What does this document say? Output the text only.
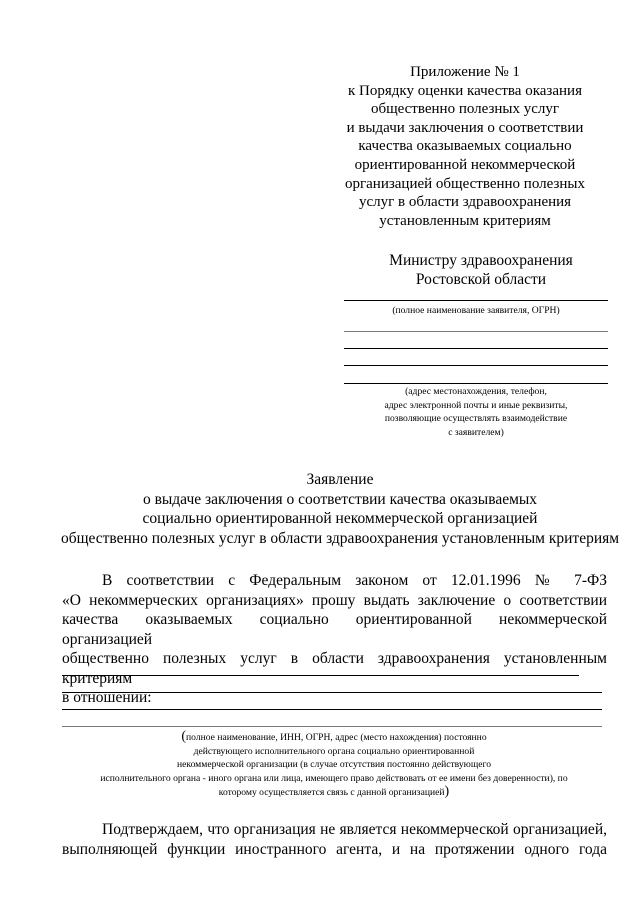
Приложение № 1
к Порядку оценки качества оказания
общественно полезных услуг
и выдачи заключения о соответствии
качества оказываемых социально
ориентированной некоммерческой
организацией общественно полезных
услуг в области здравоохранения
установленным критериям
Министру здравоохранения
Ростовской области
(полное наименование заявителя, ОГРН)
(адрес местонахождения, телефон,
адрес электронной почты и иные реквизиты,
позволяющие осуществлять взаимодействие
с заявителем)
Заявление
о выдаче заключения о соответствии качества оказываемых
социально ориентированной некоммерческой организацией
общественно полезных услуг в области здравоохранения установленным критериям
В соответствии с Федеральным законом от 12.01.1996 № 7-ФЗ
«О некоммерческих организациях» прошу выдать заключение о соответствии
качества оказываемых социально ориентированной некоммерческой организацией
общественно полезных услуг в области здравоохранения установленным критериям
в отношении:
(полное наименование, ИНН, ОГРН, адрес (место нахождения) постоянно
действующего исполнительного органа социально ориентированной
некоммерческой организации (в случае отсутствия постоянно действующего
исполнительного органа - иного органа или лица, имеющего право действовать от ее имени без доверенности), по
которому осуществляется связь с данной организацией)
Подтверждаем, что организация не является некоммерческой организацией,
выполняющей функции иностранного агента, и на протяжении одного года
